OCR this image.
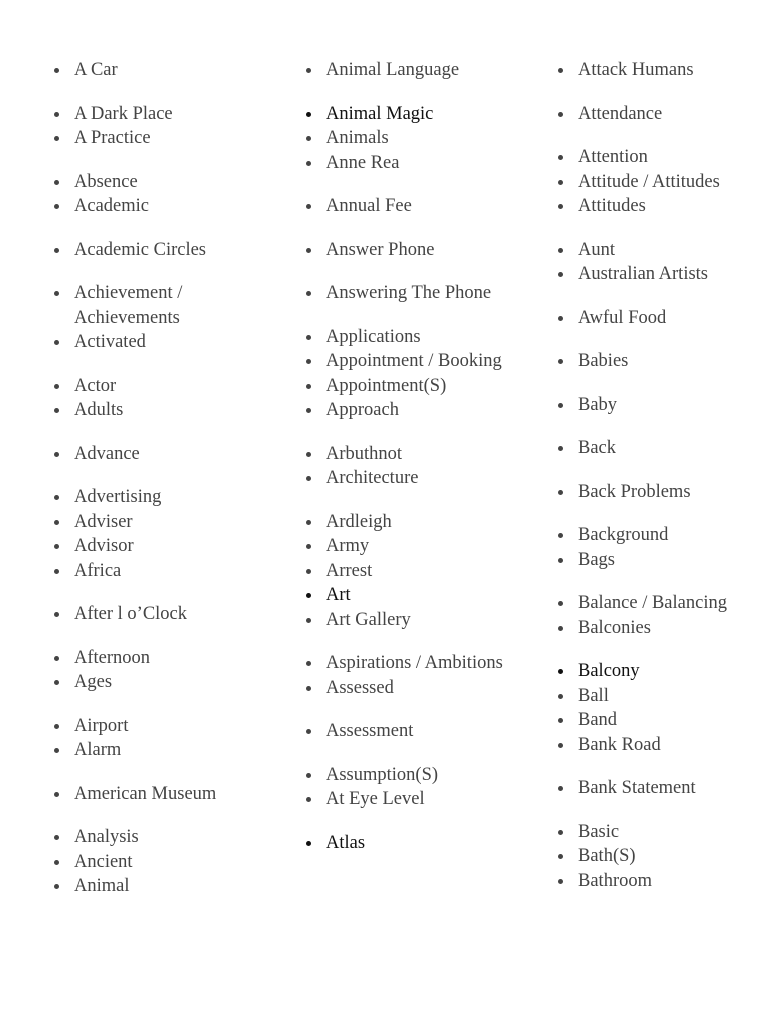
A Car
A Dark Place
A Practice
Absence
Academic
Academic Circles
Achievement / Achievements
Activated
Actor
Adults
Advance
Advertising
Adviser
Advisor
Africa
After l o’Clock
Afternoon
Ages
Airport
Alarm
American Museum
Analysis
Ancient
Animal
Animal Language
Animal Magic
Animals
Anne Rea
Annual Fee
Answer Phone
Answering The Phone
Applications
Appointment / Booking
Appointment(S)
Approach
Arbuthnot
Architecture
Ardleigh
Army
Arrest
Art
Art Gallery
Aspirations / Ambitions
Assessed
Assessment
Assumption(S)
At Eye Level
Atlas
Attack Humans
Attendance
Attention
Attitude / Attitudes
Attitudes
Aunt
Australian Artists
Awful Food
Babies
Baby
Back
Back Problems
Background
Bags
Balance / Balancing
Balconies
Balcony
Ball
Band
Bank Road
Bank Statement
Basic
Bath(S)
Bathroom
